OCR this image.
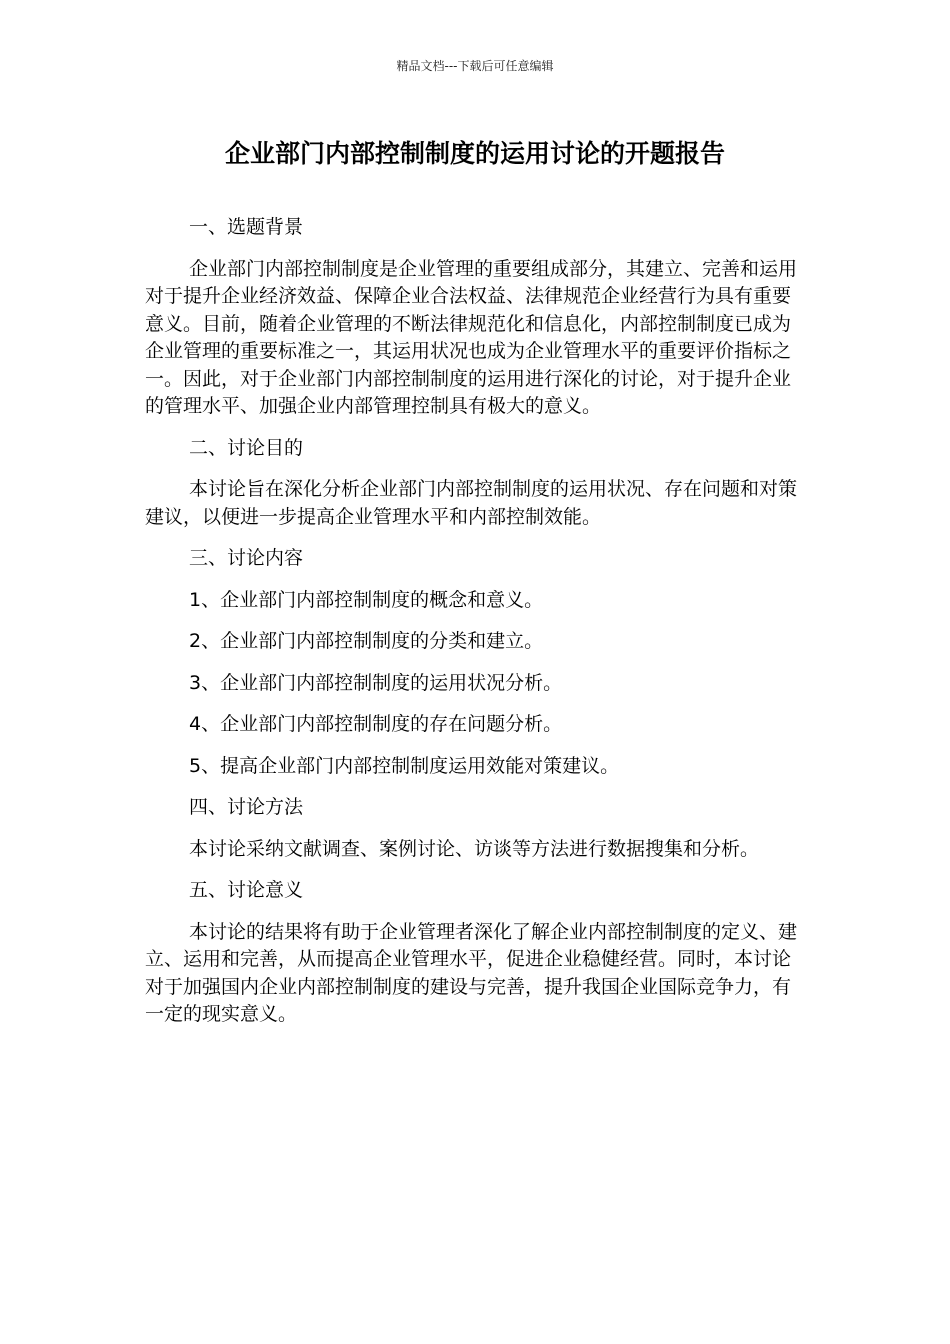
精品文档---下载后可任意编辑
企业部门内部控制制度的运用讨论的开题报告

一、选题背景

企业部门内部控制制度是企业管理的重要组成部分，其建立、完善和运用对于提升企业经济效益、保障企业合法权益、法律规范企业经营行为具有重要意义。目前，随着企业管理的不断法律规范化和信息化，内部控制制度已成为企业管理的重要标准之一，其运用状况也成为企业管理水平的重要评价指标之一。因此，对于企业部门内部控制制度的运用进行深化的讨论，对于提升企业的管理水平、加强企业内部管理控制具有极大的意义。

二、讨论目的

本讨论旨在深化分析企业部门内部控制制度的运用状况、存在问题和对策建议，以便进一步提高企业管理水平和内部控制效能。

三、讨论内容

1、企业部门内部控制制度的概念和意义。

2、企业部门内部控制制度的分类和建立。

3、企业部门内部控制制度的运用状况分析。

4、企业部门内部控制制度的存在问题分析。

5、提高企业部门内部控制制度运用效能对策建议。

四、讨论方法

本讨论采纳文献调查、案例讨论、访谈等方法进行数据搜集和分析。

五、讨论意义

本讨论的结果将有助于企业管理者深化了解企业内部控制制度的定义、建立、运用和完善，从而提高企业管理水平，促进企业稳健经营。同时，本讨论对于加强国内企业内部控制制度的建设与完善，提升我国企业国际竞争力，有一定的现实意义。
